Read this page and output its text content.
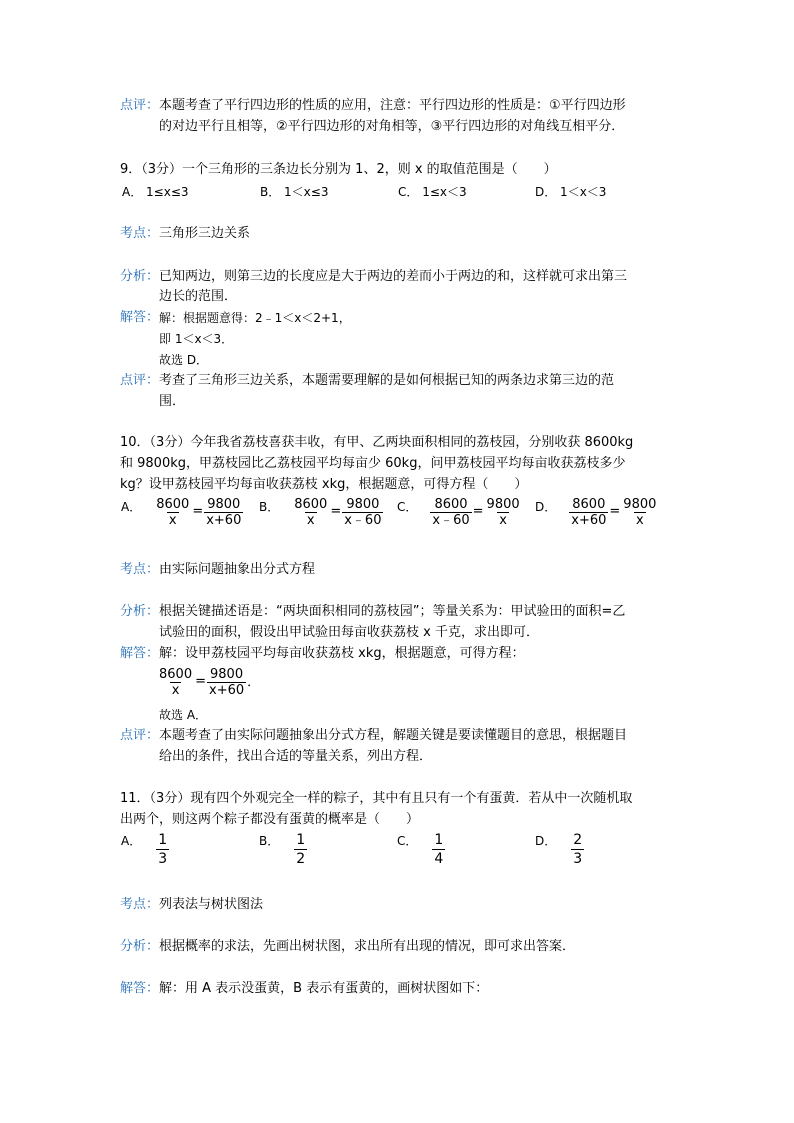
点评： 本题考查了平行四边形的性质的应用，注意：平行四边形的性质是：①平行四边形
的对边平行且相等，②平行四边形的对角相等，③平行四边形的对角线互相平分．
9．（3分）一个三角形的三条边长分别为 1、2，则 x 的取值范围是（　　）
A． 1≤x≤3	B． 1＜x≤3	C． 1≤x＜3	D． 1＜x＜3
考点： 三角形三边关系
分析： 已知两边，则第三边的长度应是大于两边的差而小于两边的和，这样就可求出第三
边长的范围．
解答： 解：根据题意得：2﹣1＜x＜2+1，
即 1＜x＜3．
故选 D．
点评： 考查了三角形三边关系，本题需要理解的是如何根据已知的两条边求第三边的范
围．
10．（3分）今年我省荔枝喜获丰收，有甲、乙两块面积相同的荔枝园，分别收获 8600kg
和 9800kg，甲荔枝园比乙荔枝园平均每亩少 60kg，问甲荔枝园平均每亩收获荔枝多少
kg？设甲荔枝园平均每亩收获荔枝 xkg，根据题意，可得方程（　　）
A． $\frac{8600}{x} = \frac{9800}{x+60}$ B． $\frac{8600}{x} = \frac{9800}{x﹣60}$ C． $\frac{8600}{x﹣60} = \frac{9800}{x}$ D． $\frac{8600}{x+60} = \frac{9800}{x}$
考点： 由实际问题抽象出分式方程
分析： 根据关键描述语是：“两块面积相同的荔枝园”；等量关系为：甲试验田的面积=乙
试验田的面积，假设出甲试验田每亩收获荔枝 x 千克，求出即可．
解答： 解：设甲荔枝园平均每亩收获荔枝 xkg，根据题意，可得方程：
$\frac{8600}{x} = \frac{9800}{x+60}$ ．
故选 A．
点评： 本题考查了由实际问题抽象出分式方程，解题关键是要读懂题目的意思，根据题目
给出的条件，找出合适的等量关系，列出方程．
11．（3分）现有四个外观完全一样的粽子，其中有且只有一个有蛋黄．若从中一次随机取
出两个，则这两个粽子都没有蛋黄的概率是（　　）
A． 1
3
B． 1
2
C． 1
4
D． 2
3
考点： 列表法与树状图法
分析： 根据概率的求法，先画出树状图，求出所有出现的情况，即可求出答案．
解答： 解：用 A 表示没蛋黄，B 表示有蛋黄的，画树状图如下：
